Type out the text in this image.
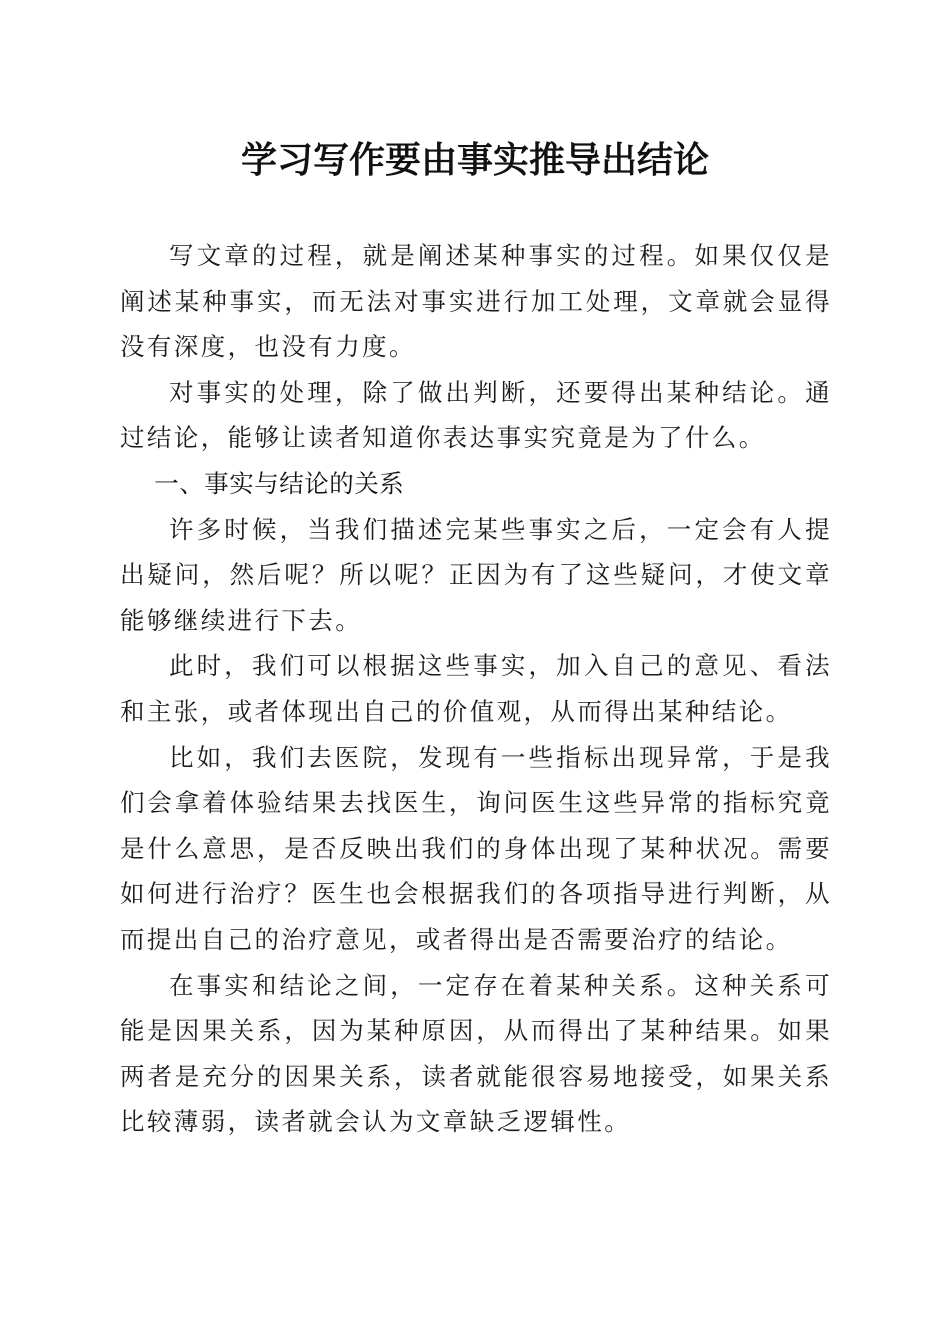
学习写作要由事实推导出结论

写文章的过程，就是阐述某种事实的过程。如果仅仅是阐述某种事实，而无法对事实进行加工处理，文章就会显得没有深度，也没有力度。

对事实的处理，除了做出判断，还要得出某种结论。通过结论，能够让读者知道你表达事实究竟是为了什么。

一、事实与结论的关系

许多时候，当我们描述完某些事实之后，一定会有人提出疑问，然后呢？所以呢？正因为有了这些疑问，才使文章能够继续进行下去。

此时，我们可以根据这些事实，加入自己的意见、看法和主张，或者体现出自己的价值观，从而得出某种结论。

比如，我们去医院，发现有一些指标出现异常，于是我们会拿着体验结果去找医生，询问医生这些异常的指标究竟是什么意思，是否反映出我们的身体出现了某种状况。需要如何进行治疗？医生也会根据我们的各项指导进行判断，从而提出自己的治疗意见，或者得出是否需要治疗的结论。

在事实和结论之间，一定存在着某种关系。这种关系可能是因果关系，因为某种原因，从而得出了某种结果。如果两者是充分的因果关系，读者就能很容易地接受，如果关系比较薄弱，读者就会认为文章缺乏逻辑性。
